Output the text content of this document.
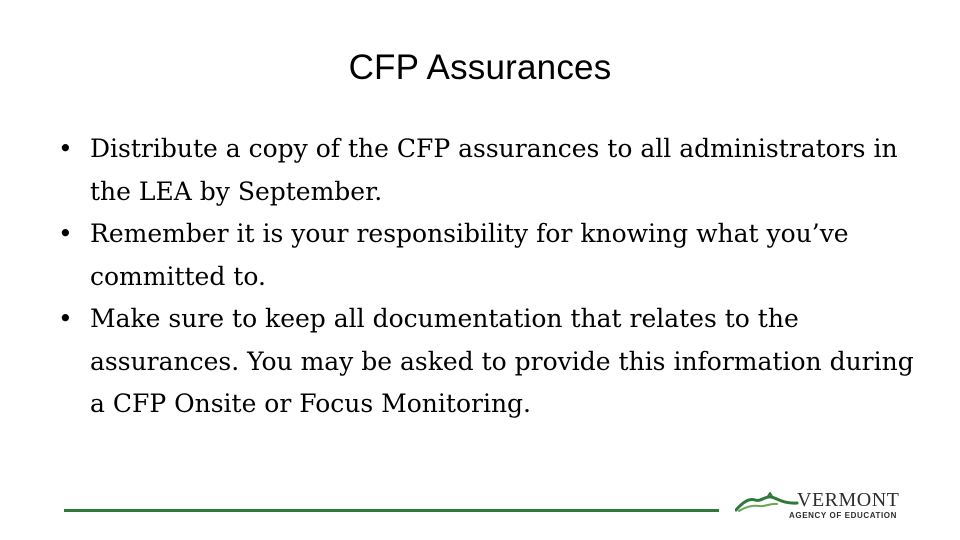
CFP Assurances
• Distribute a copy of the CFP assurances to all administrators in the LEA by September.
• Remember it is your responsibility for knowing what you’ve committed to.
• Make sure to keep all documentation that relates to the assurances. You may be asked to provide this information during a CFP Onsite or Focus Monitoring.
VERMONT
AGENCY OF EDUCATION
